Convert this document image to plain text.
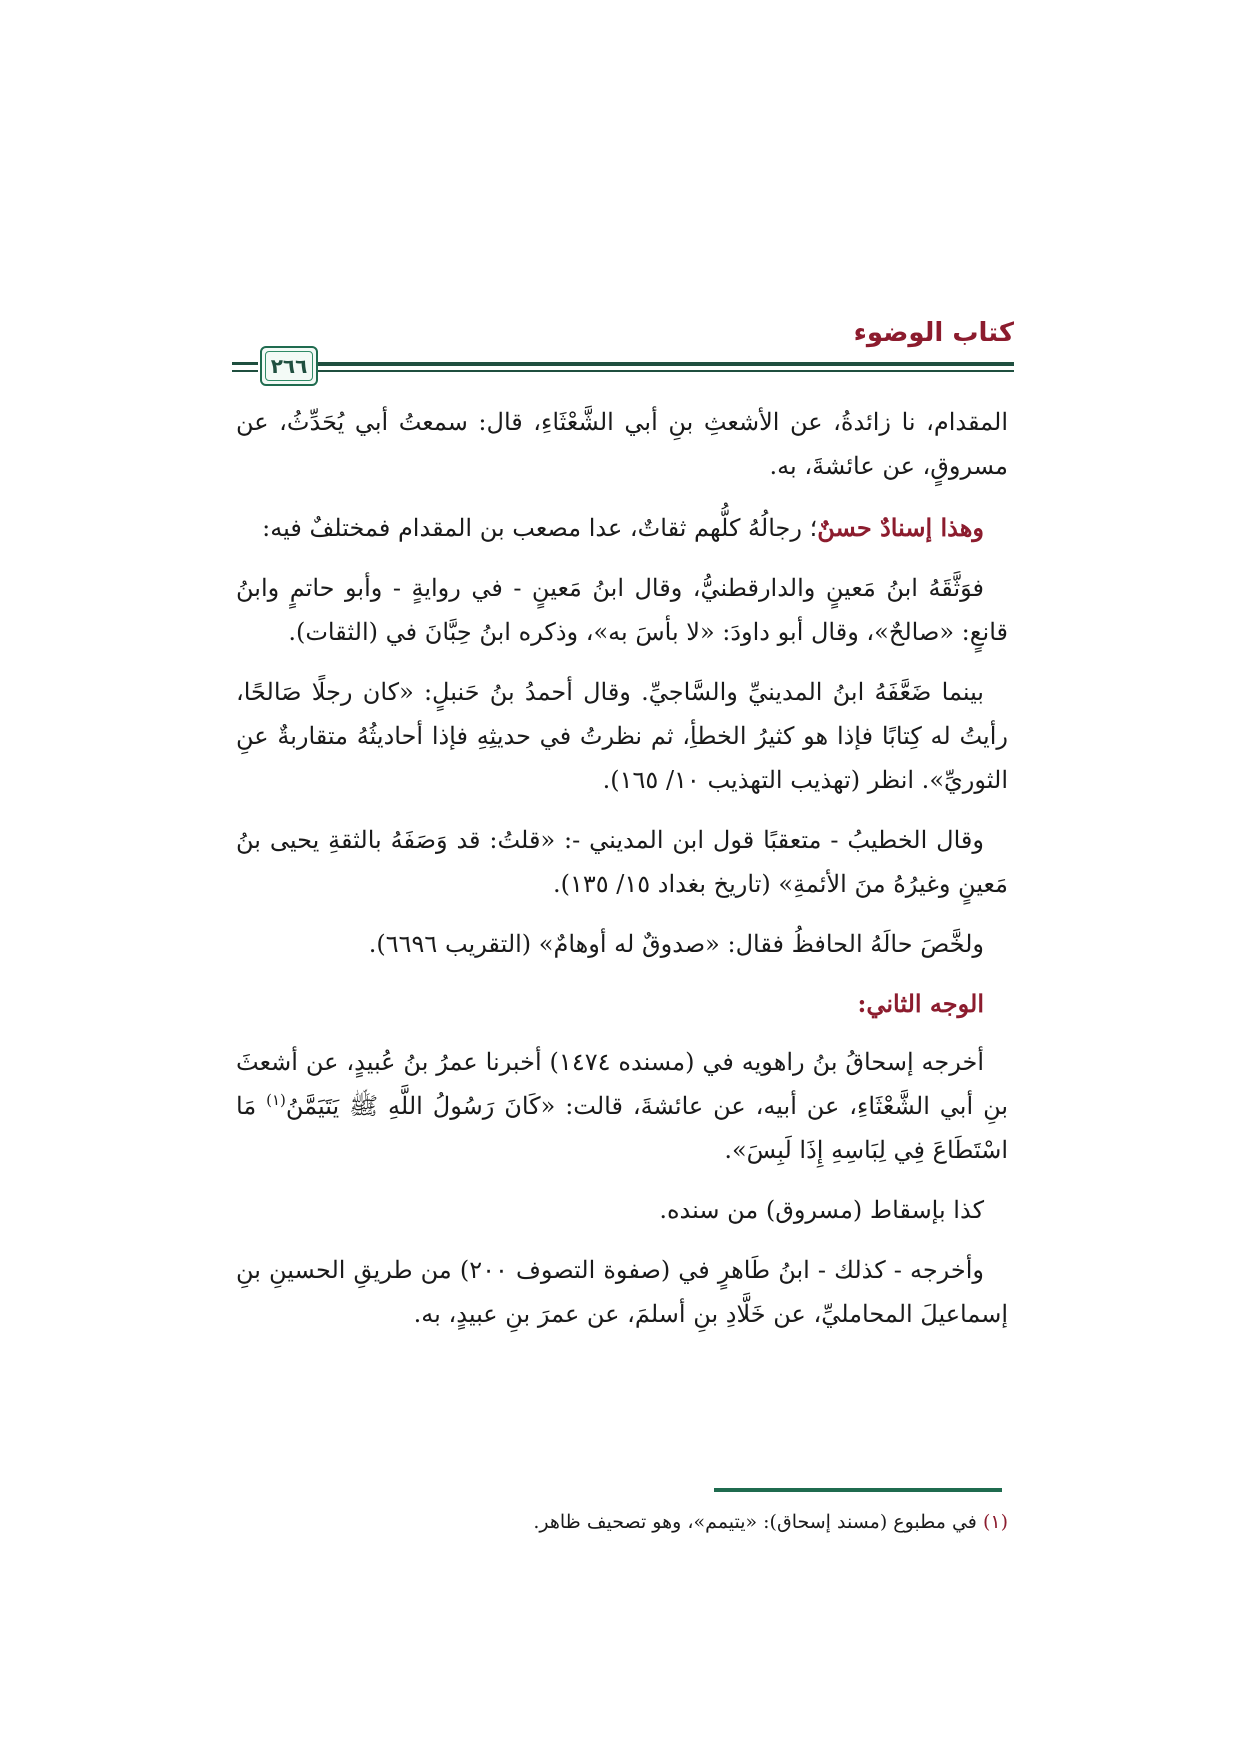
كتاب الوضوء
٢٦٦

المقدام، نا زائدةُ، عن الأشعثِ بنِ أبي الشَّعْثَاءِ، قال: سمعتُ أبي يُحَدِّثُ، عن مسروقٍ، عن عائشةَ، به.

وهذا إسنادٌ حسنٌ؛ رجالُهُ كلُّهم ثقاتٌ، عدا مصعب بن المقدام فمختلفٌ فيه:

فوَثَّقَهُ ابنُ مَعينٍ والدارقطنيُّ، وقال ابنُ مَعينٍ - في روايةٍ - وأبو حاتمٍ وابنُ قانعٍ: «صالحٌ»، وقال أبو داودَ: «لا بأسَ به»، وذكره ابنُ حِبَّانَ في (الثقات).

بينما ضَعَّفَهُ ابنُ المدينيِّ والسَّاجيِّ. وقال أحمدُ بنُ حَنبلٍ: «كان رجلًا صَالحًا، رأيتُ له كِتابًا فإذا هو كثيرُ الخطأِ، ثم نظرتُ في حديثِهِ فإذا أحاديثُهُ متقاربةٌ عنِ الثوريِّ». انظر (تهذيب التهذيب ١٠/ ١٦٥).

وقال الخطيبُ - متعقبًا قول ابن المديني -: «قلتُ: قد وَصَفَهُ بالثقةِ يحيى بنُ مَعينٍ وغيرُهُ منَ الأئمةِ» (تاريخ بغداد ١٥/ ١٣٥).

ولخَّصَ حالَهُ الحافظُ فقال: «صدوقٌ له أوهامٌ» (التقريب ٦٦٩٦).

الوجه الثاني:

أخرجه إسحاقُ بنُ راهويه في (مسنده ١٤٧٤) أخبرنا عمرُ بنُ عُبيدٍ، عن أشعثَ بنِ أبي الشَّعْثَاءِ، عن أبيه، عن عائشةَ، قالت: «كَانَ رَسُولُ اللَّهِ ﷺ يَتَيَمَّنُ$^{(١)}$ مَا اسْتَطَاعَ فِي لِبَاسِهِ إِذَا لَبِسَ».

كذا بإسقاط (مسروق) من سنده.

وأخرجه - كذلك - ابنُ طَاهرٍ في (صفوة التصوف ٢٠٠) من طريقِ الحسينِ بنِ إسماعيلَ المحامليِّ، عن خَلَّادِ بنِ أسلمَ، عن عمرَ بنِ عبيدٍ، به.

(١) في مطبوع (مسند إسحاق): «يتيمم»، وهو تصحيف ظاهر.
